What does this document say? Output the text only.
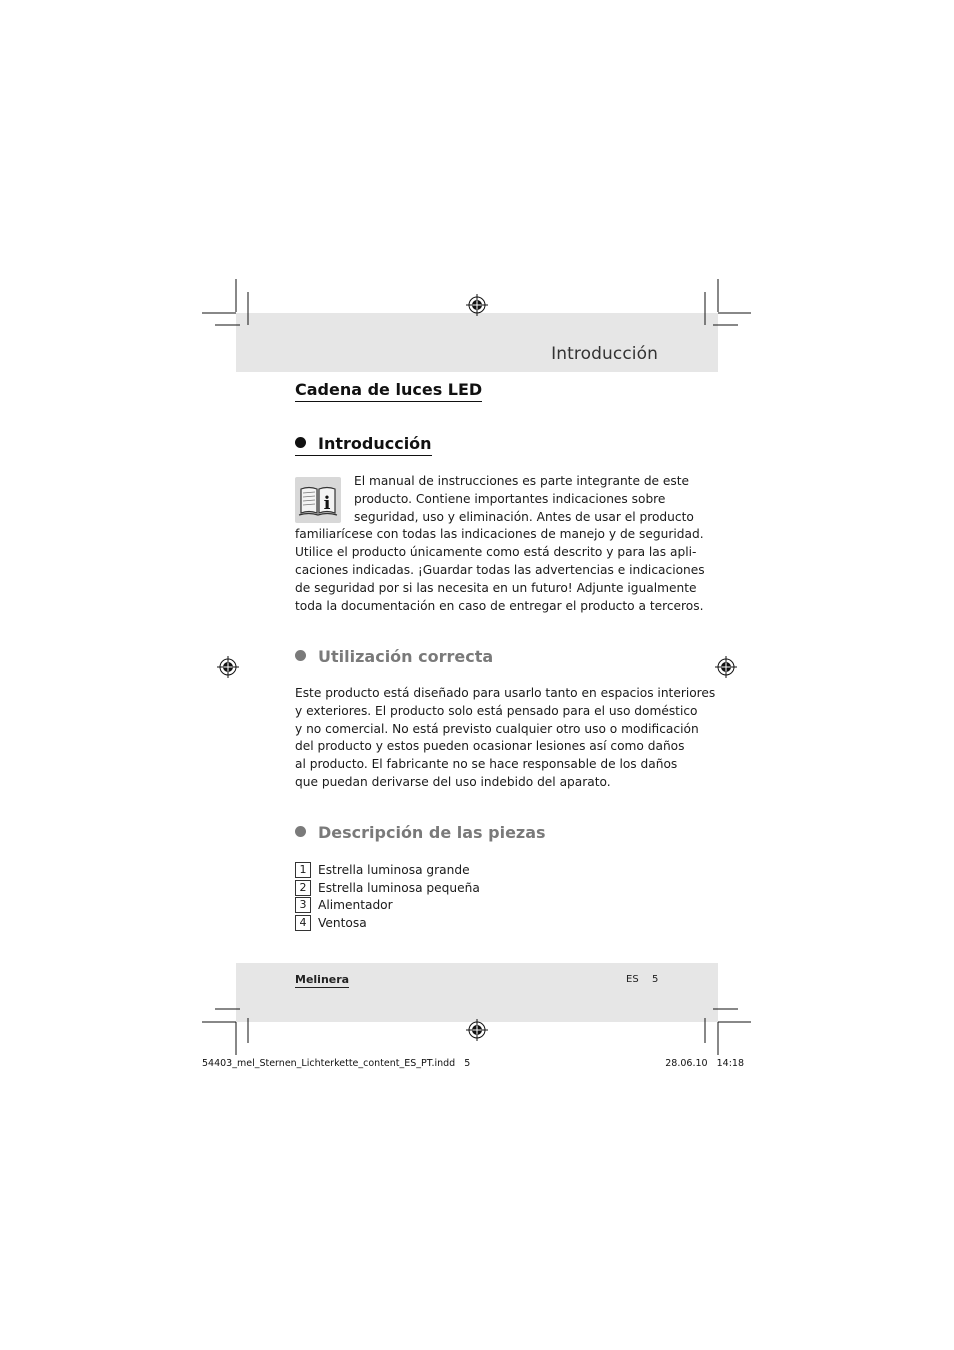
Introducción
Cadena de luces LED
Introducción
i

El manual de instrucciones es parte integrante de este
producto. Contiene importantes indicaciones sobre
seguridad, uso y eliminación. Antes de usar el producto
familiarícese con todas las indicaciones de manejo y de seguridad.
Utilice el producto únicamente como está descrito y para las apli-
caciones indicadas. ¡Guardar todas las advertencias e indicaciones
de seguridad por si las necesita en un futuro! Adjunte igualmente
toda la documentación en caso de entregar el producto a terceros.

Utilización correcta

Este producto está diseñado para usarlo tanto en espacios interiores
y exteriores. El producto solo está pensado para el uso doméstico
y no comercial. No está previsto cualquier otro uso o modificación
del producto y estos pueden ocasionar lesiones así como daños
al producto. El fabricante no se hace responsable de los daños
que puedan derivarse del uso indebido del aparato.

Descripción de las piezas
1 Estrella luminosa grande
2 Estrella luminosa pequeña
3 Alimentador
4 Ventosa
Melinera	ES 5
54403_mel_Sternen_Lichterkette_content_ES_PT.indd   5	28.06.10   14:18
